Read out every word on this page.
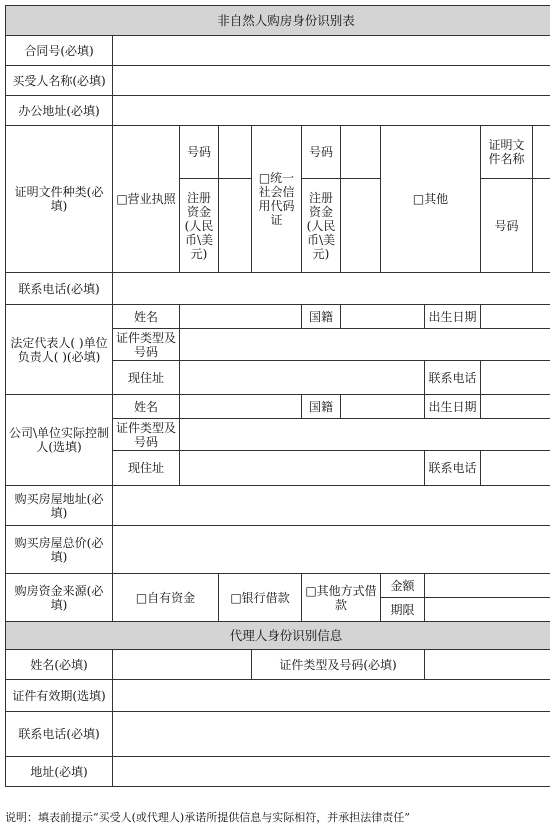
非自然人购房身份识别表										
合同号(必填)										
买受人名称(必填)										
办公地址(必填)										
证明文件种类(必填)	□营业执照	号码		□统一社会信用代码证	号码		□其他		证明文件名称	
		注册资金(人民币\美元)			注册资金(人民币\美元)				号码	
联系电话(必填)										
法定代表人( )单位负责人( )(必填)	姓名				国籍			出生日期		
	证件类型及号码									
	现住址							联系电话		
公司\单位实际控制人(选填)	姓名				国籍			出生日期		
	证件类型及号码									
	现住址							联系电话		
购买房屋地址(必填)										
购买房屋总价(必填)										
购房资金来源(必填)	□自有资金		□银行借款		□其他方式借款		金额			
							期限			
代理人身份识别信息										
姓名(必填)				证件类型及号码(必填)						
证件有效期(选填)										
联系电话(必填)										
地址(必填)										
说明：填表前提示“买受人(或代理人)承诺所提供信息与实际相符，并承担法律责任”
